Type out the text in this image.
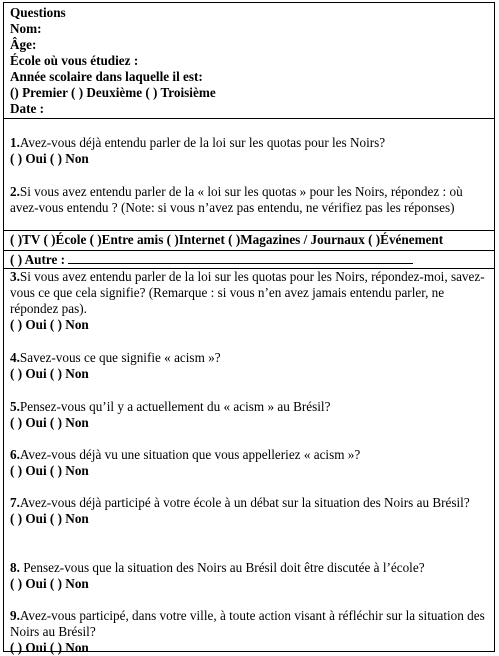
Questions
Nom:
Âge:
École où vous étudiez :
Année scolaire dans laquelle il est:
() Premier ( ) Deuxième ( ) Troisième
Date :
1.Avez-vous déjà entendu parler de la loi sur les quotas pour les Noirs?
( ) Oui ( ) Non
2.Si vous avez entendu parler de la « loi sur les quotas » pour les Noirs, répondez : où avez-vous entendu ? (Note: si vous n’avez pas entendu, ne vérifiez pas les réponses)
( )TV ( )École ( )Entre amis ( )Internet ( )Magazines / Journaux ( )Événement
( ) Autre :
3.Si vous avez entendu parler de la loi sur les quotas pour les Noirs, répondez-moi, savez-vous ce que cela signifie? (Remarque : si vous n’en avez jamais entendu parler, ne répondez pas).
( ) Oui ( ) Non
4.Savez-vous ce que signifie « acism »?
( ) Oui ( ) Non
5.Pensez-vous qu’il y a actuellement du « acism » au Brésil?
( ) Oui ( ) Non
6.Avez-vous déjà vu une situation que vous appelleriez « acism »?
( ) Oui ( ) Non
7.Avez-vous déjà participé à votre école à un débat sur la situation des Noirs au Brésil?
( ) Oui ( ) Non
8. Pensez-vous que la situation des Noirs au Brésil doit être discutée à l’école?
( ) Oui ( ) Non
9.Avez-vous participé, dans votre ville, à toute action visant à réfléchir sur la situation des Noirs au Brésil?
( ) Oui ( ) Non
